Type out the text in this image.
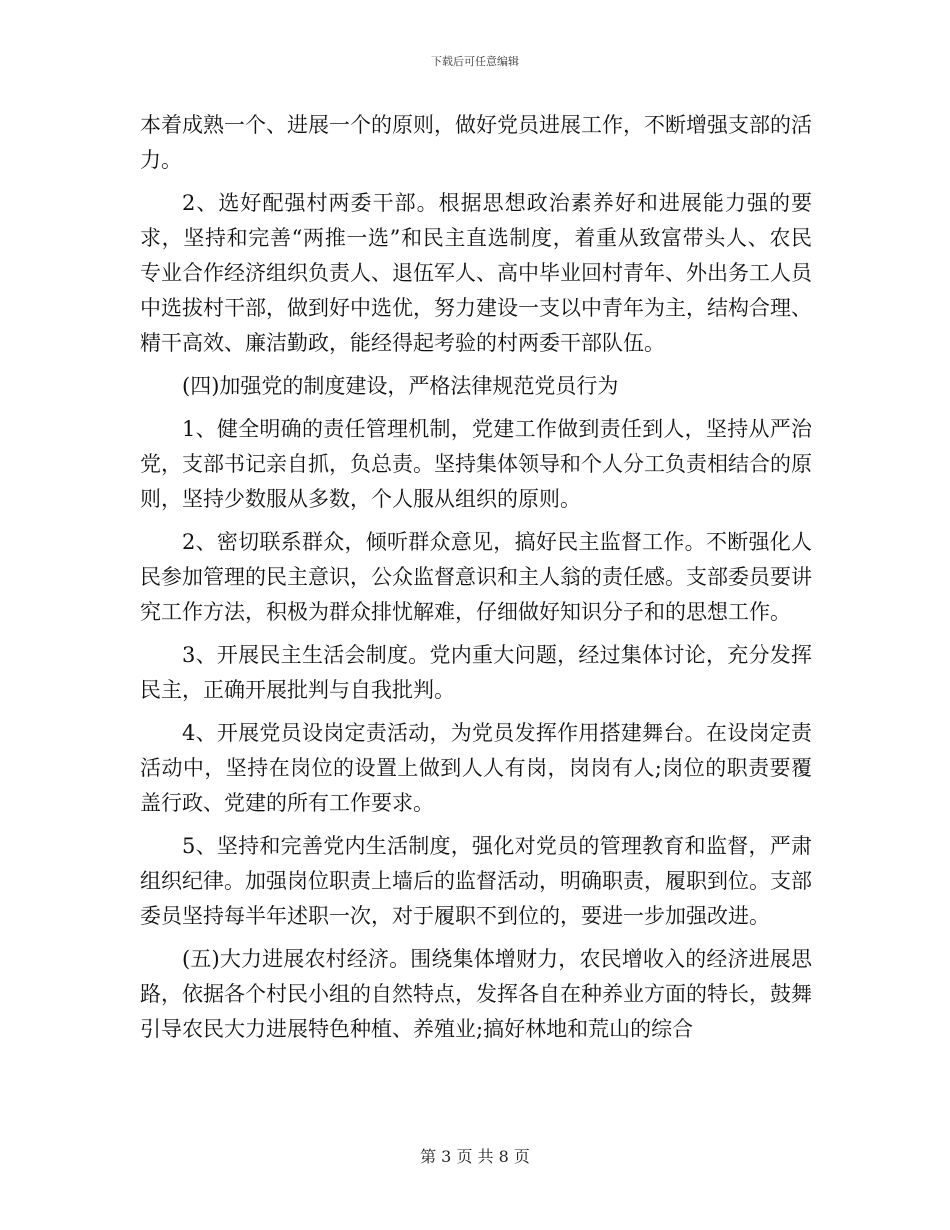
下载后可任意编辑

本着成熟一个、进展一个的原则，做好党员进展工作，不断增强支部的活力。

2、选好配强村两委干部。根据思想政治素养好和进展能力强的要求，坚持和完善“两推一选”和民主直选制度，着重从致富带头人、农民专业合作经济组织负责人、退伍军人、高中毕业回村青年、外出务工人员中选拔村干部，做到好中选优，努力建设一支以中青年为主，结构合理、精干高效、廉洁勤政，能经得起考验的村两委干部队伍。

(四)加强党的制度建设，严格法律规范党员行为

1、健全明确的责任管理机制，党建工作做到责任到人，坚持从严治党，支部书记亲自抓，负总责。坚持集体领导和个人分工负责相结合的原则，坚持少数服从多数，个人服从组织的原则。

2、密切联系群众，倾听群众意见，搞好民主监督工作。不断强化人民参加管理的民主意识，公众监督意识和主人翁的责任感。支部委员要讲究工作方法，积极为群众排忧解难，仔细做好知识分子和的思想工作。

3、开展民主生活会制度。党内重大问题，经过集体讨论，充分发挥民主，正确开展批判与自我批判。

4、开展党员设岗定责活动，为党员发挥作用搭建舞台。在设岗定责活动中，坚持在岗位的设置上做到人人有岗，岗岗有人;岗位的职责要覆盖行政、党建的所有工作要求。

5、坚持和完善党内生活制度，强化对党员的管理教育和监督，严肃组织纪律。加强岗位职责上墙后的监督活动，明确职责，履职到位。支部委员坚持每半年述职一次，对于履职不到位的，要进一步加强改进。

(五)大力进展农村经济。围绕集体增财力，农民增收入的经济进展思路，依据各个村民小组的自然特点，发挥各自在种养业方面的特长，鼓舞引导农民大力进展特色种植、养殖业;搞好林地和荒山的综合

第 3 页 共 8 页
